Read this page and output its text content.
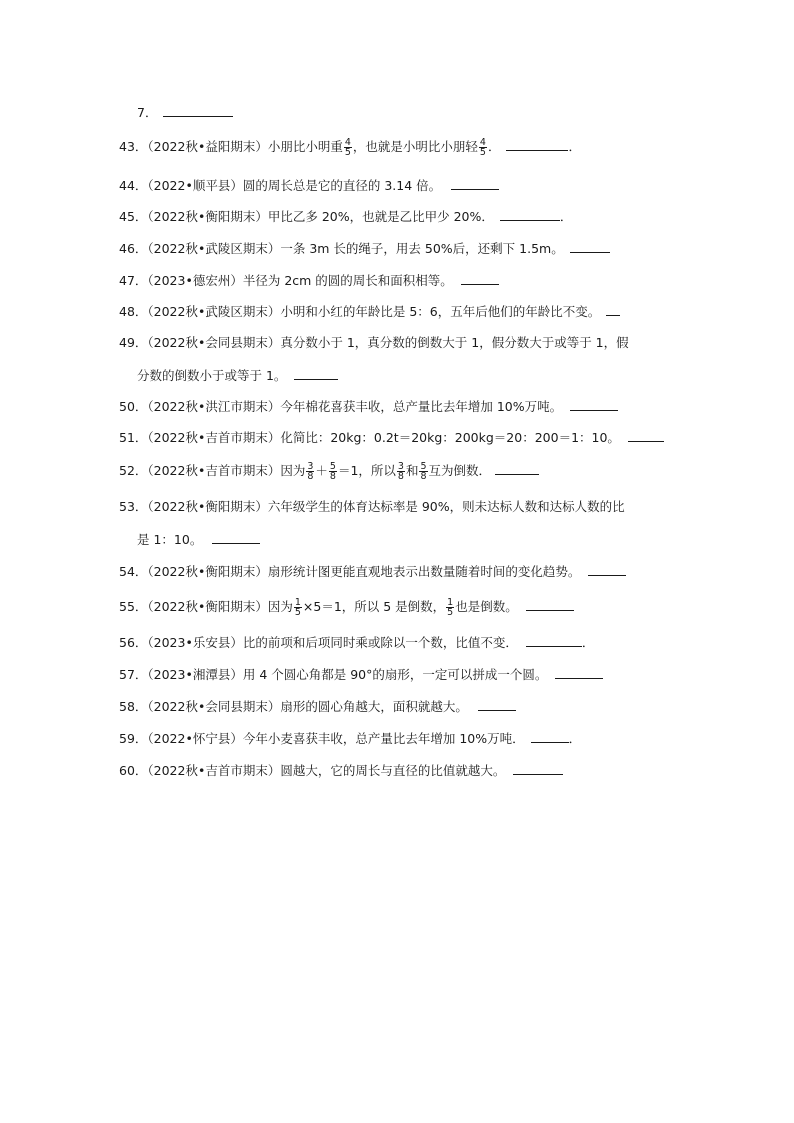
7．
43．（2022秋•益阳期末）小朋比小明重 $\frac{4}{5}$ ，也就是小明比小朋轻 $\frac{4}{5}$ ．	．
44．（2022•顺平县）圆的周长总是它的直径的 3.14 倍。
45．（2022秋•衡阳期末）甲比乙多 20%，也就是乙比甲少 20%．	．
46．（2022秋•武陵区期末）一条 3m 长的绳子，用去 50%后，还剩下 1.5m。
47．（2023•德宏州）半径为 2cm 的圆的周长和面积相等。
48．（2022秋•武陵区期末）小明和小红的年龄比是 5：6，五年后他们的年龄比不变。
49．（2022秋•会同县期末）真分数小于 1，真分数的倒数大于 1，假分数大于或等于 1，假
分数的倒数小于或等于 1。
50．（2022秋•洪江市期末）今年棉花喜获丰收，总产量比去年增加 10%万吨。
51．（2022秋•吉首市期末）化简比：20kg：0.2t＝20kg：200kg＝20：200＝1：10。
52．（2022秋•吉首市期末）因为 $\frac{3}{8} + \frac{5}{8} =1$，所以 $\frac{3}{8}$ 和 $\frac{5}{8}$ 互为倒数．
53．（2022秋•衡阳期末）六年级学生的体育达标率是 90%，则未达标人数和达标人数的比
是 1：10。
54．（2022秋•衡阳期末）扇形统计图更能直观地表示出数量随着时间的变化趋势。
55．（2022秋•衡阳期末）因为 $\frac{1}{5} \times 5=1$，所以 5 是倒数， $\frac{1}{5}$ 也是倒数。
56．（2023•乐安县）比的前项和后项同时乘或除以一个数，比值不变．	．
57．（2023•湘潭县）用 4 个圆心角都是 90°的扇形，一定可以拼成一个圆。
58．（2022秋•会同县期末）扇形的圆心角越大，面积就越大。
59．（2022•怀宁县）今年小麦喜获丰收，总产量比去年增加 10%万吨．	．
60．（2022秋•吉首市期末）圆越大，它的周长与直径的比值就越大。
